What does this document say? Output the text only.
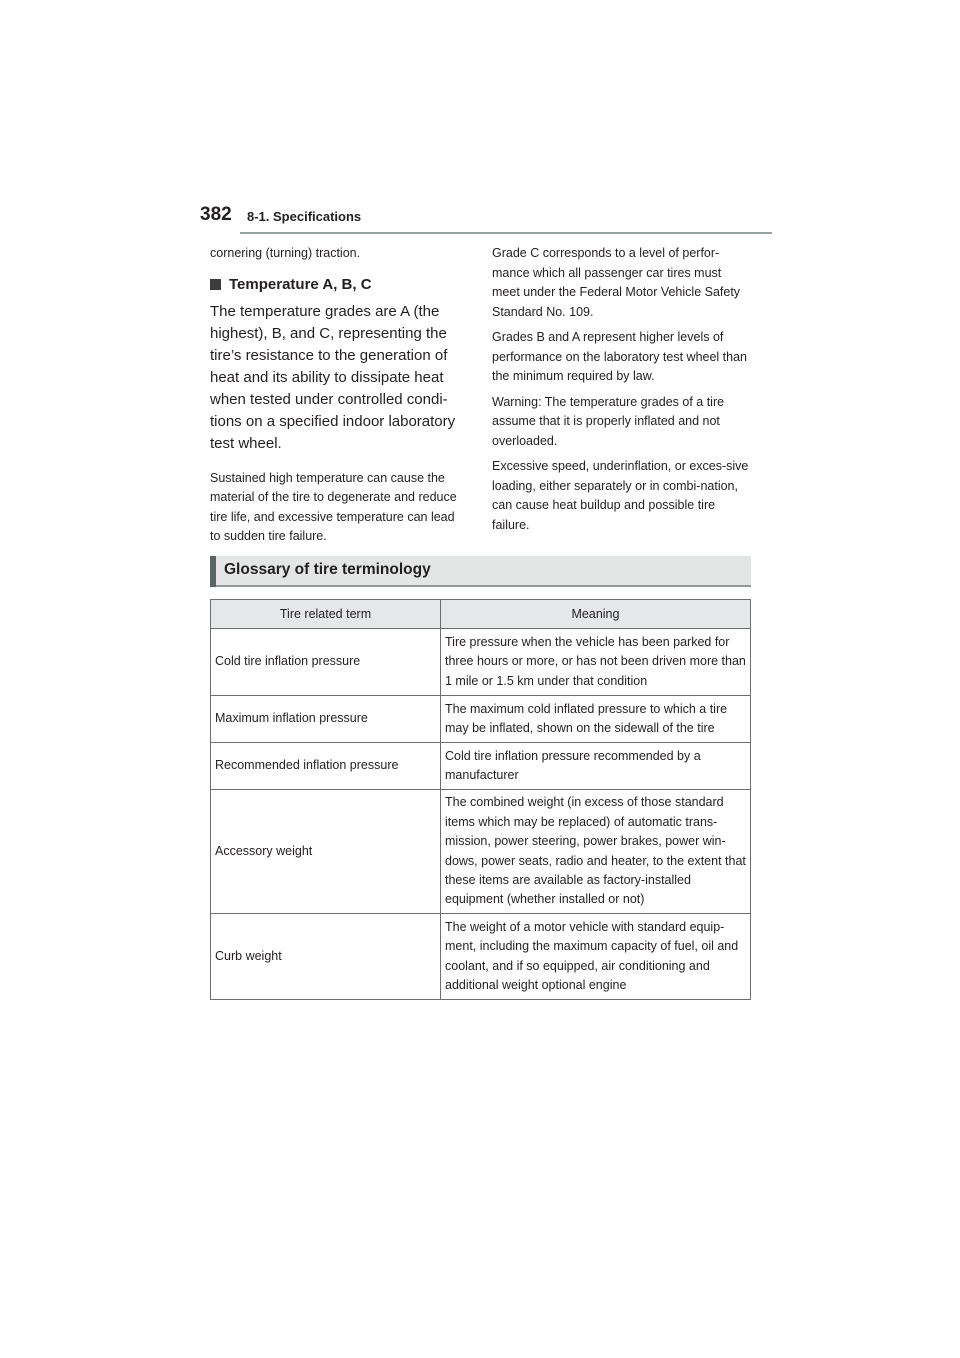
382 8-1. Specifications

cornering (turning) traction.

Temperature A, B, C

The temperature grades are A (the highest), B, and C, representing the tire’s resistance to the generation of heat and its ability to dissipate heat when tested under controlled condi-tions on a specified indoor laboratory test wheel.

Sustained high temperature can cause the material of the tire to degenerate and reduce tire life, and excessive temperature can lead to sudden tire failure.

Grade C corresponds to a level of perfor-mance which all passenger car tires must meet under the Federal Motor Vehicle Safety Standard No. 109.

Grades B and A represent higher levels of performance on the laboratory test wheel than the minimum required by law.

Warning: The temperature grades of a tire assume that it is properly inflated and not overloaded.

Excessive speed, underinflation, or exces-sive loading, either separately or in combi-nation, can cause heat buildup and possible tire failure.

Glossary of tire terminology
Tire related term	Meaning
Cold tire inflation pressure	Tire pressure when the vehicle has been parked for three hours or more, or has not been driven more than 1 mile or 1.5 km under that condition
Maximum inflation pressure	The maximum cold inflated pressure to which a tire may be inflated, shown on the sidewall of the tire
Recommended inflation pressure	Cold tire inflation pressure recommended by a manufacturer
Accessory weight	The combined weight (in excess of those standard items which may be replaced) of automatic trans-mission, power steering, power brakes, power win-dows, power seats, radio and heater, to the extent that these items are available as factory-installed equipment (whether installed or not)
Curb weight	The weight of a motor vehicle with standard equip-ment, including the maximum capacity of fuel, oil and coolant, and if so equipped, air conditioning and additional weight optional engine
